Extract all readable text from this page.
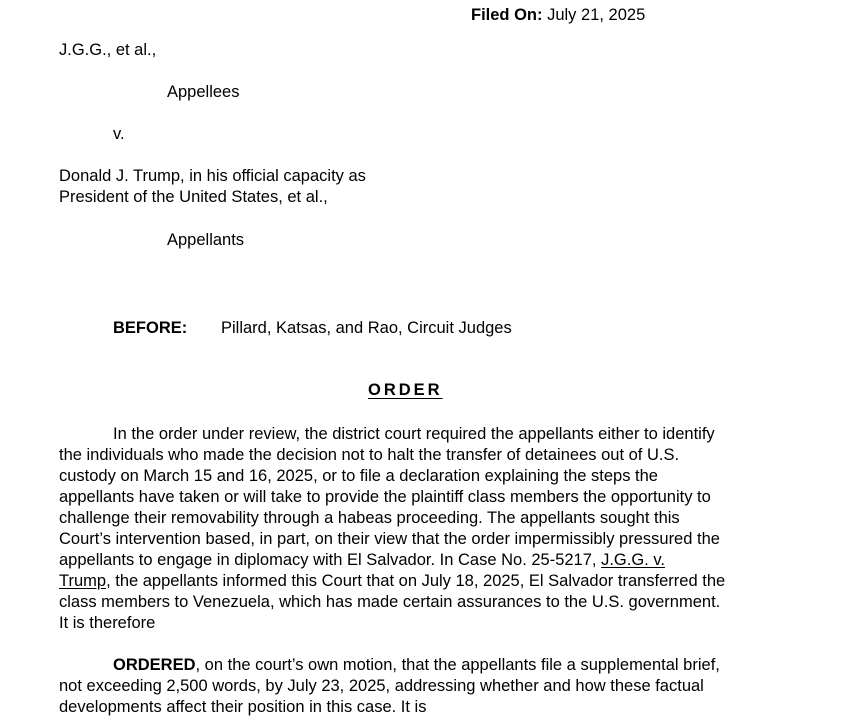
Filed On: July 21, 2025
J.G.G., et al.,
Appellees
v.
Donald J. Trump, in his official capacity as
President of the United States, et al.,
Appellants
BEFORE: Pillard, Katsas, and Rao, Circuit Judges
ORDER
In the order under review, the district court required the appellants either to identify
the individuals who made the decision not to halt the transfer of detainees out of U.S.
custody on March 15 and 16, 2025, or to file a declaration explaining the steps the
appellants have taken or will take to provide the plaintiff class members the opportunity to
challenge their removability through a habeas proceeding. The appellants sought this
Court’s intervention based, in part, on their view that the order impermissibly pressured the
appellants to engage in diplomacy with El Salvador. In Case No. 25-5217, J.G.G. v.
Trump, the appellants informed this Court that on July 18, 2025, El Salvador transferred the
class members to Venezuela, which has made certain assurances to the U.S. government.
It is therefore
ORDERED, on the court’s own motion, that the appellants file a supplemental brief,
not exceeding 2,500 words, by July 23, 2025, addressing whether and how these factual
developments affect their position in this case. It is
